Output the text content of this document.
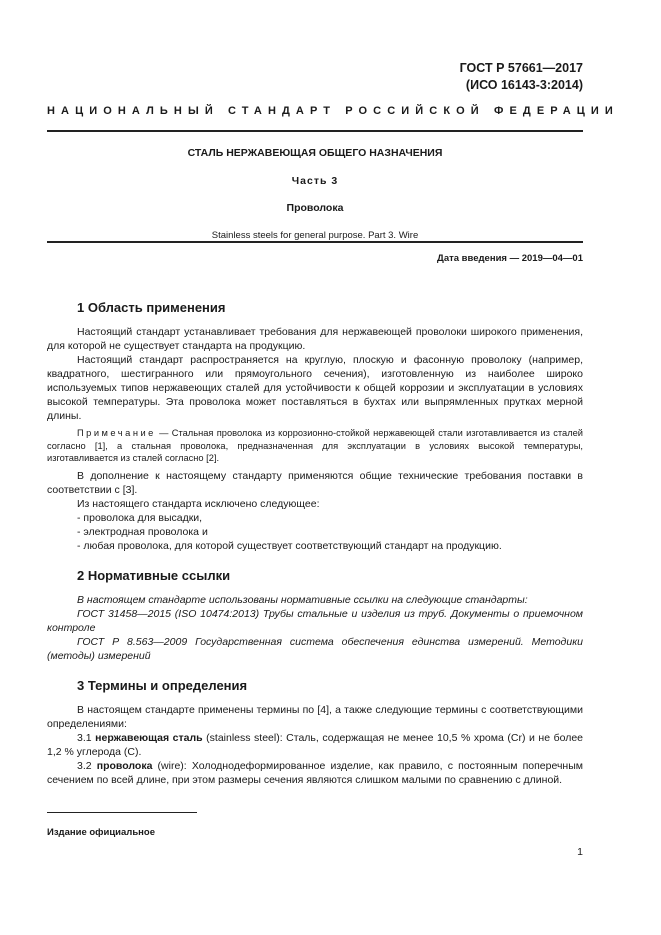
ГОСТ Р 57661—2017
(ИСО 16143-3:2014)
НАЦИОНАЛЬНЫЙ СТАНДАРТ РОССИЙСКОЙ ФЕДЕРАЦИИ
СТАЛЬ НЕРЖАВЕЮЩАЯ ОБЩЕГО НАЗНАЧЕНИЯ
Часть 3
Проволока
Stainless steels for general purpose. Part 3. Wire
Дата введения — 2019—04—01
1 Область применения

Настоящий стандарт устанавливает требования для нержавеющей проволоки широкого применения, для которой не существует стандарта на продукцию.

Настоящий стандарт распространяется на круглую, плоскую и фасонную проволоку (например, квадратного, шестигранного или прямоугольного сечения), изготовленную из наиболее широко используемых типов нержавеющих сталей для устойчивости к общей коррозии и эксплуатации в условиях высокой температуры. Эта проволока может поставляться в бухтах или выпрямленных прутках мерной длины.

Примечание — Стальная проволока из коррозионно-стойкой нержавеющей стали изготавливается из сталей согласно [1], а стальная проволока, предназначенная для эксплуатации в условиях высокой температуры, изготавливается из сталей согласно [2].

В дополнение к настоящему стандарту применяются общие технические требования поставки в соответствии с [3].

Из настоящего стандарта исключено следующее:

- проволока для высадки,

- электродная проволока и

- любая проволока, для которой существует соответствующий стандарт на продукцию.

2 Нормативные ссылки

В настоящем стандарте использованы нормативные ссылки на следующие стандарты:

ГОСТ 31458—2015 (ISO 10474:2013) Трубы стальные и изделия из труб. Документы о приемочном контроле

ГОСТ Р 8.563—2009 Государственная система обеспечения единства измерений. Методики (методы) измерений

3 Термины и определения

В настоящем стандарте применены термины по [4], а также следующие термины с соответствующими определениями:

3.1 нержавеющая сталь (stainless steel): Сталь, содержащая не менее 10,5 % хрома (Cr) и не более 1,2 % углерода (С).

3.2 проволока (wire): Холоднодеформированное изделие, как правило, с постоянным поперечным сечением по всей длине, при этом размеры сечения являются слишком малыми по сравнению с длиной.

Издание официальное
1
